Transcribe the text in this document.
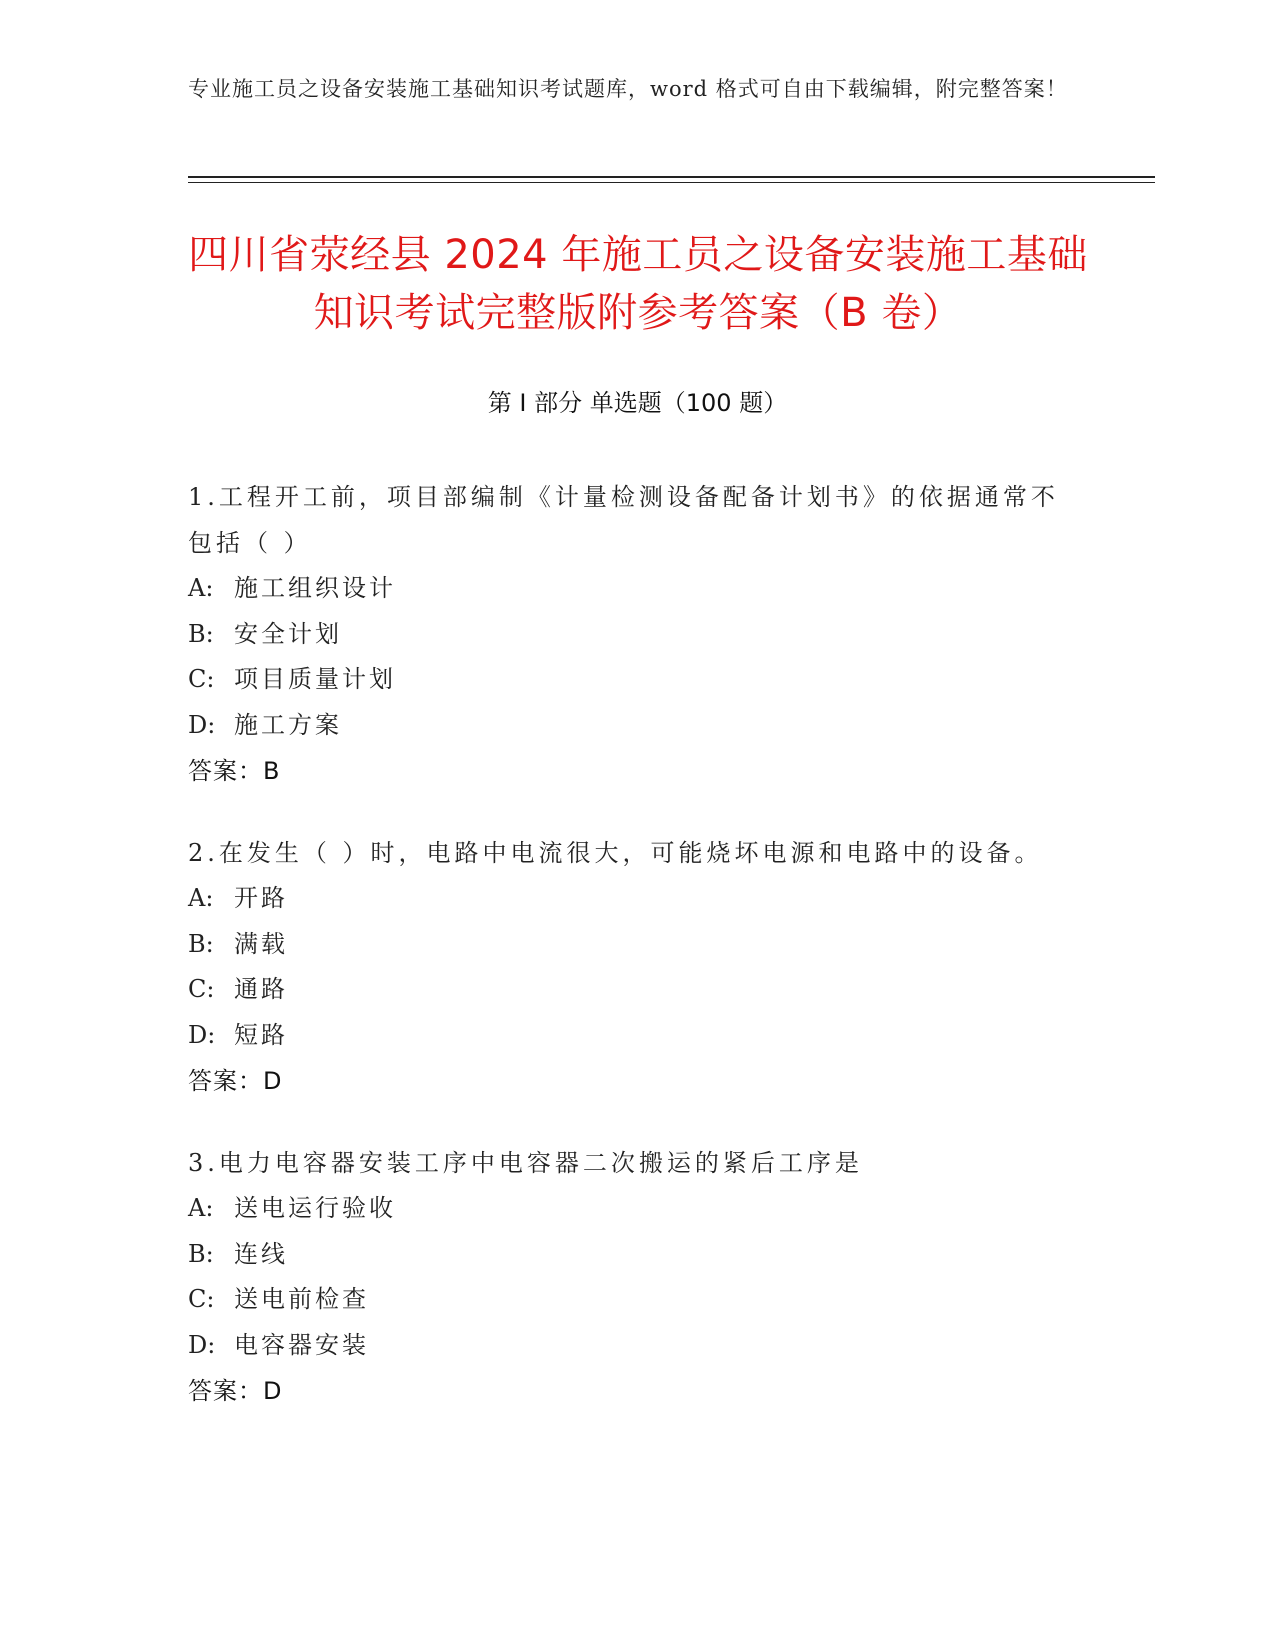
专业施工员之设备安装施工基础知识考试题库，word 格式可自由下载编辑，附完整答案！
四川省荥经县 2024 年施工员之设备安装施工基础知识考试完整版附参考答案（B 卷）
第 I 部分 单选题（100 题）
1.工程开工前，项目部编制《计量检测设备配备计划书》的依据通常不包括（ ）
A: 施工组织设计
B: 安全计划
C: 项目质量计划
D: 施工方案
答案：B
2.在发生（ ）时，电路中电流很大，可能烧坏电源和电路中的设备。
A: 开路
B: 满载
C: 通路
D: 短路
答案：D
3.电力电容器安装工序中电容器二次搬运的紧后工序是
A: 送电运行验收
B: 连线
C: 送电前检查
D: 电容器安装
答案：D
